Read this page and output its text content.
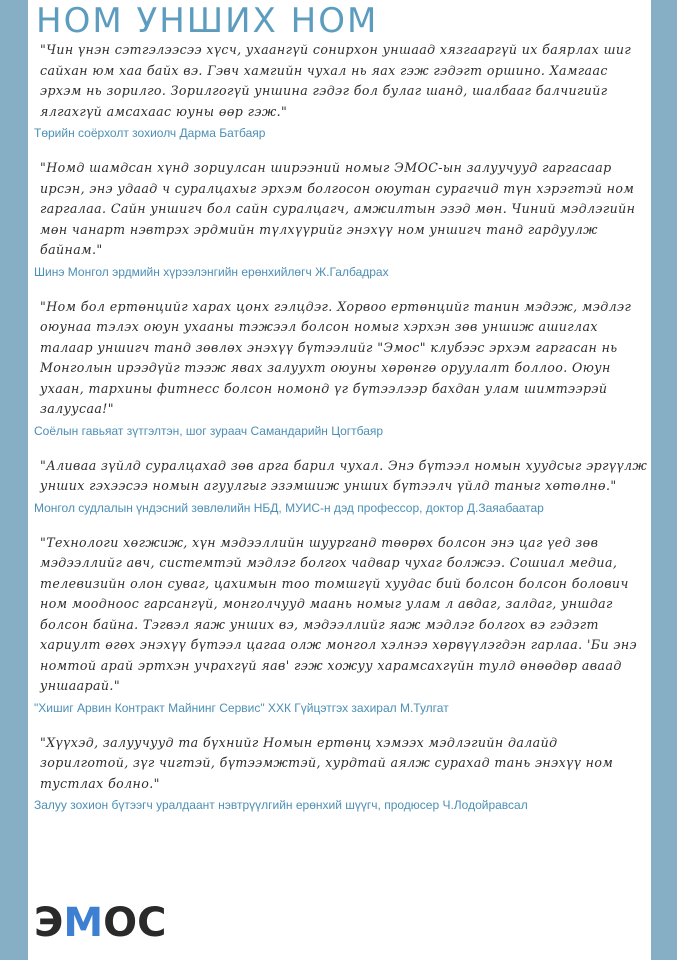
НОМ УНШИХ НОМ

"Чин үнэн сэтгэлээсээ хүсч, ухаангүй сонирхон уншаад хязгааргүй их баярлах шиг сайхан юм хаа байх вэ. Гэвч хамгийн чухал нь яах гэж гэдэгт оршино. Хамгаас эрхэм нь зорилго. Зорилгогүй уншина гэдэг бол булаг шанд, шалбааг балчигийг ялгахгүй амсахаас юуны өөр гэж."

Төрийн соёрхолт зохиолч Дарма Батбаяр

"Номд шамдсан хүнд зориулсан ширээний номыг ЭМОС-ын залуучууд гаргасаар ирсэн, энэ удаад ч суралцахыг эрхэм болгосон оюутан сурагчид түн хэрэгтэй ном гаргалаа. Сайн уншигч бол сайн суралцагч, амжилтын эзэд мөн. Чиний мэдлэгийн мөн чанарт нэвтрэх эрдмийн түлхүүрийг энэхүү ном уншигч танд гардуулж байнам."

Шинэ Монгол эрдмийн хүрээлэнгийн ерөнхийлөгч Ж.Галбадрах

"Ном бол ертөнцийг харах цонх гэлцдэг. Хорвоо ертөнцийг танин мэдэж, мэдлэг оюунаа тэлэх оюун ухааны тэжээл болсон номыг хэрхэн зөв уншиж ашиглах талаар уншигч танд зөвлөх энэхүү бүтээлийг "Эмос" клубээс эрхэм гаргасан нь Монголын ирээдүйг тээж явах залуухт оюуны хөрөнгө оруулалт боллоо. Оюун ухаан, тархины фитнесс болсон номонд үг бүтээлээр бахдан улам шимтээрэй залуусаа!"

Соёлын гавьяат зүтгэлтэн, шог зураач Самандарийн Цогтбаяр

"Аливаа зүйлд суралцахад зөв арга барил чухал. Энэ бүтээл номын хуудсыг эргүүлж унших гэхээсээ номын агуулгыг эзэмшиж унших бүтээлч үйлд таныг хөтөлнө."

Монгол судлалын үндэсний зөвлөлийн НБД, МУИС-н дэд профессор, доктор Д.Заяабаатар

"Технологи хөгжиж, хүн мэдээллийн шуурганд төөрөх болсон энэ цаг үед зөв мэдээллийг авч, системтэй мэдлэг болгох чадвар чухаг болжээ. Сошиал медиа, телевизийн олон суваг, цахимын тоо томшгүй хуудас бий болсон болсон болович ном мoодноос гарсангүй, монголчууд маань номыг улам л авдаг, залдаг, уншдаг болсон байна. Тэгвэл яаж унших вэ, мэдээллийг яаж мэдлэг болгох вэ гэдэгт хариулт өгөх энэхүү бүтээл цагаа олж монгол хэлнээ хөрвүүлэгдэн гарлаа. 'Би энэ номтой арай эртхэн учрахгүй яав' гэж хожуу харамсахгүйн тулд өнөөдөр аваад уншаарай."

"Хишиг Арвин Контракт Майнинг Сервис" ХХК Гүйцэтгэх захирал М.Тулгат

"Хүүхэд, залуучууд та бүхнийг Номын ертөнц хэмээх мэдлэгийн далайд зорилготой, зүг чигтэй, бүтээмжтэй, хурдтай аялж сурахад тань энэхүү ном тустлах болно."

Залуу зохион бүтээгч уралдаант нэвтрүүлгийн ерөнхий шүүгч, продюсер Ч.Лодойравсал

ЭМОС
